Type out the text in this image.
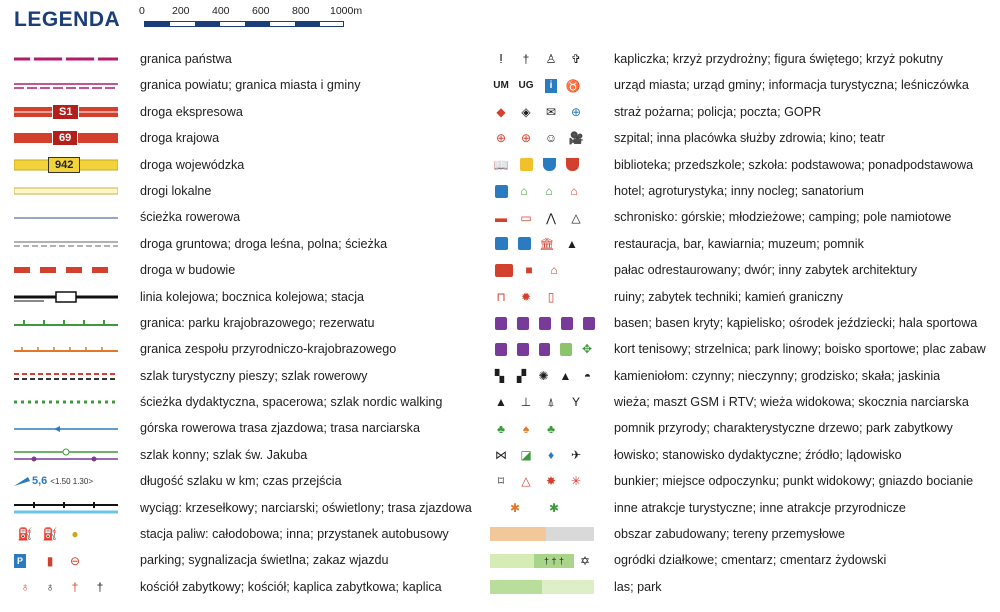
LEGENDA 0	200 400 600 800 1000m
granica państwa
granica powiatu; granica miasta i gminy
S1	droga ekspresowa
69	droga krajowa
942	droga wojewódzka
drogi lokalne
ścieżka rowerowa
droga gruntowa; droga leśna, polna; ścieżka
droga w budowie
linia kolejowa; bocznica kolejowa; stacja
granica: parku krajobrazowego; rezerwatu
granica zespołu przyrodniczo-krajobrazowego
szlak turystyczny pieszy; szlak rowerowy
ścieżka dydaktyczna, spacerowa; szlak nordic walking
górska rowerowa trasa zjazdowa; trasa narciarska
szlak konny; szlak św. Jakuba
5,6 <1.50 1.30>	długość szlaku w km; czas przejścia
wyciąg: krzesełkowy; narciarski; oświetlony; trasa zjazdowa
⛽ ⛽	●	stacja paliw: całodobowa; inna; przystanek autobusowy
P	▮	⊖	parking; sygnalizacja świetlna; zakaz wjazdu
♁	♁	†	†	kościół zabytkowy; kościół; kaplica zabytkowa; kaplica
ⵑ	†	♙	✞	kapliczka; krzyż przydrożny; figura świętego; krzyż pokutny
UM UG	i	♉	urząd miasta; urząd gminy; informacja turystyczna; leśniczówka
◆	◈	✉	⊕	straż pożarna; policja; poczta; GOPR
⊕	⊕	☺ 🎥 szpital; inna placówka służby zdrowia; kino; teatr
📖	biblioteka; przedszkole; szkoła: podstawowa; ponadpodstawowa
⌂	⌂	⌂	hotel; agroturystyka; inny nocleg; sanatorium
▬	▭	⋀	△	schronisko: górskie; młodzieżowe; camping; pole namiotowe
🏛 ▲	restauracja, bar, kawiarnia; muzeum; pomnik
■	⌂	pałac odrestaurowany; dwór; inny zabytek architektury
⊓	✹	▯	ruiny; zabytek techniki; kamień graniczny
basen; basen kryty; kąpielisko; ośrodek jeździecki; hala sportowa
✥	kort tenisowy; strzelnica; park linowy; boisko sportowe; plac zabaw
▚	▞	✺ ▲	◓	kamieniołom: czynny; nieczynny; grodzisko; skała; jaskinia
▲	⊥	⍋	Y	wieża; maszt GSM i RTV; wieża widokowa; skocznia narciarska
♣	♠	♣	pomnik przyrody; charakterystyczne drzewo; park zabytkowy
⋈	◪	♦	✈	łowisko; stanowisko dydaktyczne; źródło; lądowisko
⌑	△	✸	✳	bunkier; miejsce odpoczynku; punkt widokowy; gniazdo bocianie
✱	✱	inne atrakcje turystyczne; inne atrakcje przyrodnicze
obszar zabudowany; tereny przemysłowe
† † †	✡	ogródki działkowe; cmentarz; cmentarz żydowski
las; park
